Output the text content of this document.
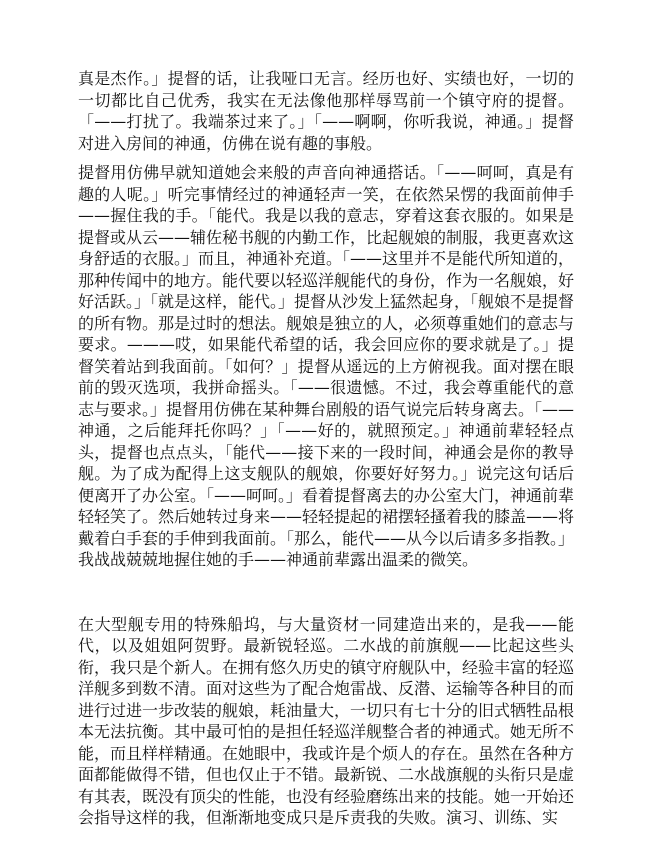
真是杰作。」提督的话，让我哑口无言。经历也好、实绩也好，一切的一切都比自己优秀，我实在无法像他那样辱骂前一个镇守府的提督。「——打扰了。我端茶过来了。」「——啊啊，你听我说，神通。」提督对进入房间的神通，仿佛在说有趣的事般。

提督用仿佛早就知道她会来般的声音向神通搭话。「——呵呵，真是有趣的人呢。」听完事情经过的神通轻声一笑，在依然呆愣的我面前伸手——握住我的手。「能代。我是以我的意志，穿着这套衣服的。如果是提督或从云——辅佐秘书舰的内勤工作，比起舰娘的制服，我更喜欢这身舒适的衣服。」而且，神通补充道。「——这里并不是能代所知道的，那种传闻中的地方。能代要以轻巡洋舰能代的身份，作为一名舰娘，好好活跃。」「就是这样，能代。」提督从沙发上猛然起身，「舰娘不是提督的所有物。那是过时的想法。舰娘是独立的人，必须尊重她们的意志与要求。———哎，如果能代希望的话，我会回应你的要求就是了。」提督笑着站到我面前。「如何？」提督从遥远的上方俯视我。面对摆在眼前的毁灭选项，我拼命摇头。「——很遗憾。不过，我会尊重能代的意志与要求。」提督用仿佛在某种舞台剧般的语气说完后转身离去。「——神通，之后能拜托你吗？」「——好的，就照预定。」神通前辈轻轻点头，提督也点点头，「能代——接下来的一段时间，神通会是你的教导舰。为了成为配得上这支舰队的舰娘，你要好好努力。」说完这句话后便离开了办公室。「——呵呵。」看着提督离去的办公室大门，神通前辈轻轻笑了。然后她转过身来——轻轻提起的裙摆轻搔着我的膝盖——将戴着白手套的手伸到我面前。「那么，能代——从今以后请多多指教。」我战战兢兢地握住她的手——神通前辈露出温柔的微笑。

在大型舰专用的特殊船坞，与大量资材一同建造出来的，是我——能代，以及姐姐阿贺野。最新锐轻巡。二水战的前旗舰——比起这些头衔，我只是个新人。在拥有悠久历史的镇守府舰队中，经验丰富的轻巡洋舰多到数不清。面对这些为了配合炮雷战、反潜、运输等各种目的而进行过进一步改装的舰娘，耗油量大，一切只有七十分的旧式牺牲品根本无法抗衡。其中最可怕的是担任轻巡洋舰整合者的神通式。她无所不能，而且样样精通。在她眼中，我或许是个烦人的存在。虽然在各种方面都能做得不错，但也仅止于不错。最新锐、二水战旗舰的头衔只是虚有其表，既没有顶尖的性能，也没有经验磨练出来的技能。她一开始还会指导这样的我，但渐渐地变成只是斥责我的失败。演习、训练、实
